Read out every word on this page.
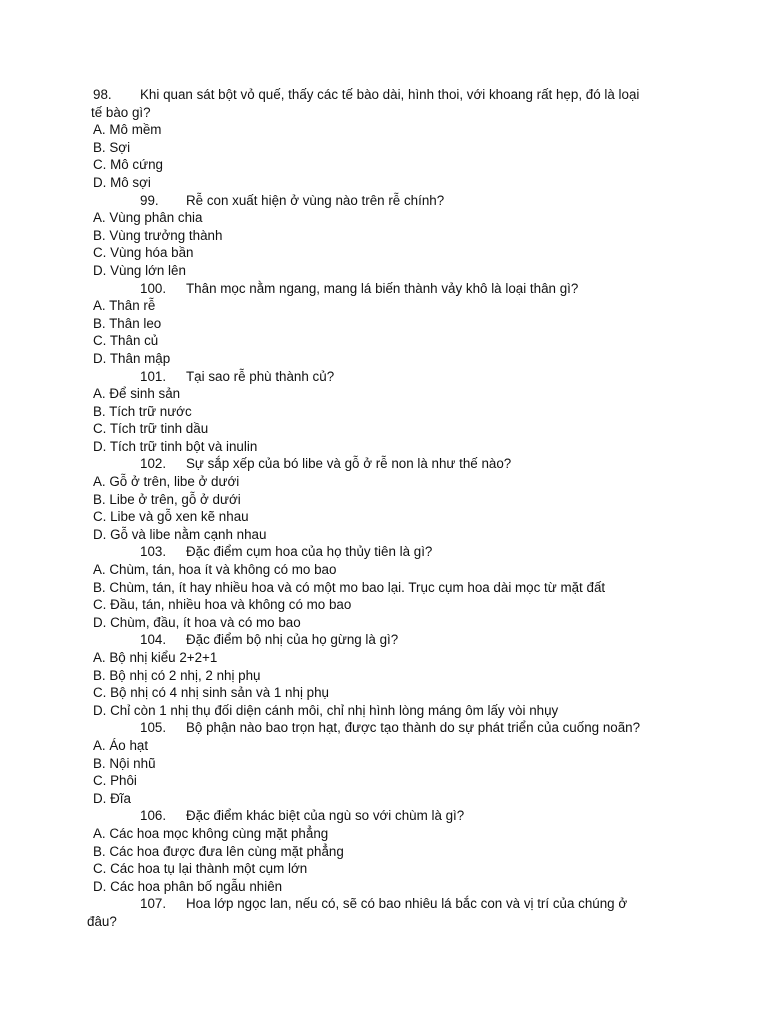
98. Khi quan sát bột vỏ quế, thấy các tế bào dài, hình thoi, với khoang rất hẹp, đó là loại
tế bào gì?
A. Mô mềm
B. Sợi
C. Mô cứng
D. Mô sợi
99. Rễ con xuất hiện ở vùng nào trên rễ chính?
A. Vùng phân chia
B. Vùng trưởng thành
C. Vùng hóa bần
D. Vùng lớn lên
100. Thân mọc nằm ngang, mang lá biến thành vảy khô là loại thân gì?
A. Thân rễ
B. Thân leo
C. Thân củ
D. Thân mập
101. Tại sao rễ phù thành củ?
A. Để sinh sản
B. Tích trữ nước
C. Tích trữ tinh dầu
D. Tích trữ tinh bột và inulin
102. Sự sắp xếp của bó libe và gỗ ở rễ non là như thế nào?
A. Gỗ ở trên, libe ở dưới
B. Libe ở trên, gỗ ở dưới
C. Libe và gỗ xen kẽ nhau
D. Gỗ và libe nằm cạnh nhau
103. Đặc điểm cụm hoa của họ thủy tiên là gì?
A. Chùm, tán, hoa ít và không có mo bao
B. Chùm, tán, ít hay nhiều hoa và có một mo bao lại. Trục cụm hoa dài mọc từ mặt đất
C. Đầu, tán, nhiều hoa và không có mo bao
D. Chùm, đầu, ít hoa và có mo bao
104. Đặc điểm bộ nhị của họ gừng là gì?
A. Bộ nhị kiểu 2+2+1
B. Bộ nhị có 2 nhị, 2 nhị phụ
C. Bộ nhị có 4 nhị sinh sản và 1 nhị phụ
D. Chỉ còn 1 nhị thụ đối diện cánh môi, chỉ nhị hình lòng máng ôm lấy vòi nhụy
105. Bộ phận nào bao trọn hạt, được tạo thành do sự phát triển của cuống noãn?
A. Áo hạt
B. Nội nhũ
C. Phôi
D. Đĩa
106. Đặc điểm khác biệt của ngù so với chùm là gì?
A. Các hoa mọc không cùng mặt phẳng
B. Các hoa được đưa lên cùng mặt phẳng
C. Các hoa tụ lại thành một cụm lớn
D. Các hoa phân bố ngẫu nhiên
107. Hoa lớp ngọc lan, nếu có, sẽ có bao nhiêu lá bắc con và vị trí của chúng ở
đâu?
